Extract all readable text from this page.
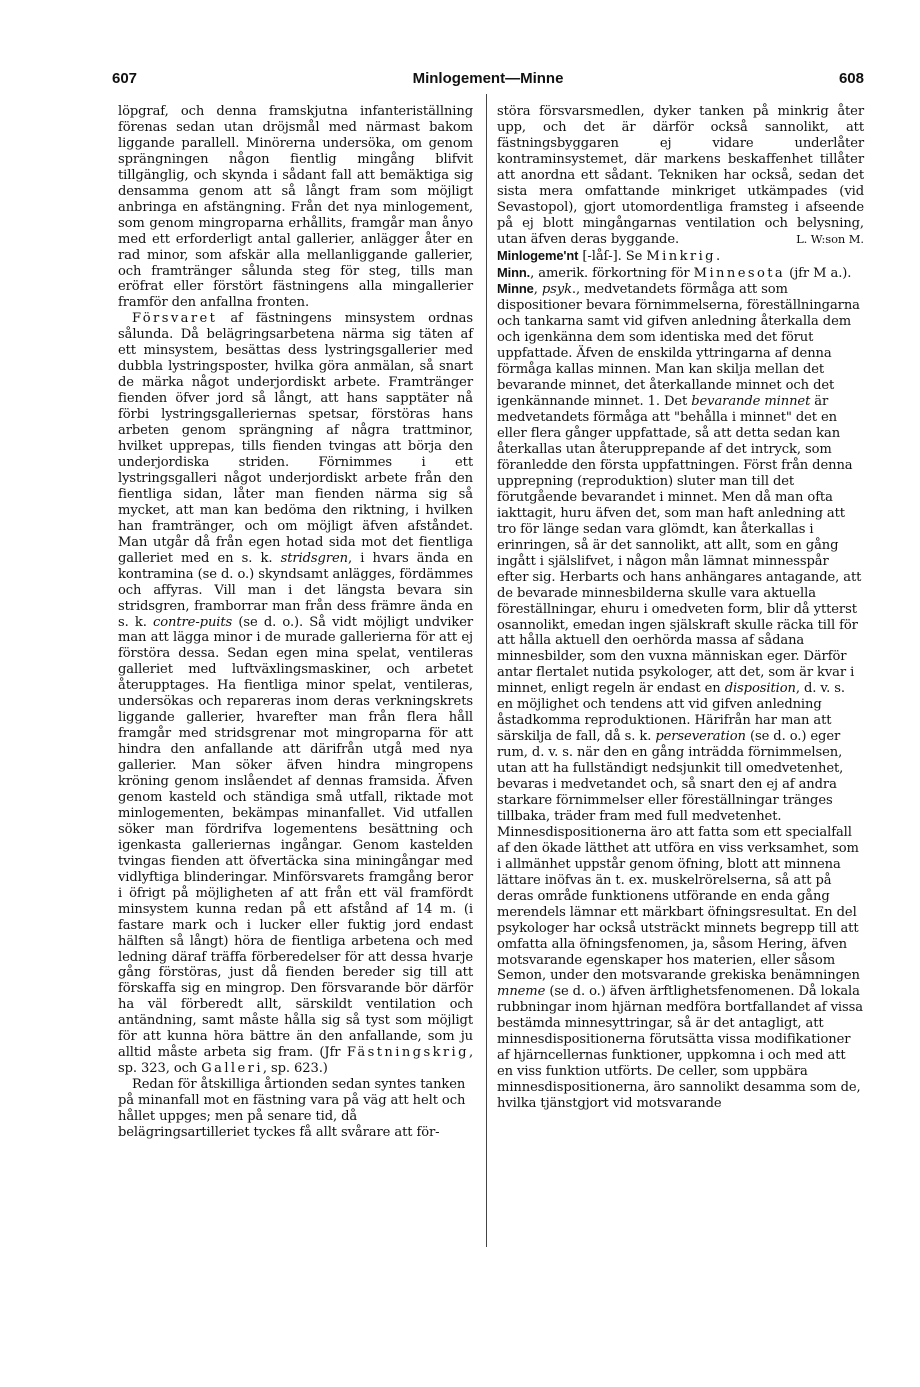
607	Minlogement—Minne	608

löpgraf, och denna framskjutna infanteriställning förenas sedan utan dröjsmål med närmast bakom liggande parallell. Minörerna undersöka, om genom sprängningen någon fientlig mingång blifvit tillgänglig, och skynda i sådant fall att bemäktiga sig densamma genom att så långt fram som möjligt anbringa en afstängning. Från det nya minlogement, som genom mingroparna erhållits, framgår man ånyo med ett erforderligt antal gallerier, anlägger åter en rad minor, som afskär alla mellanliggande gallerier, och framtränger sålunda steg för steg, tills man eröfrat eller förstört fästningens alla mingallerier framför den anfallna fronten.

Försvaret af fästningens minsystem ordnas sålunda. Då belägringsarbetena närma sig täten af ett minsystem, besättas dess lystringsgallerier med dubbla lystringsposter, hvilka göra anmälan, så snart de märka något underjordiskt arbete. Framtränger fienden öfver jord så långt, att hans sapptäter nå förbi lystringsgalleriernas spetsar, förstöras hans arbeten genom sprängning af några trattminor, hvilket upprepas, tills fienden tvingas att börja den underjordiska striden. Förnimmes i ett lystringsgalleri något underjordiskt arbete från den fientliga sidan, låter man fienden närma sig så mycket, att man kan bedöma den riktning, i hvilken han framtränger, och om möjligt äfven afståndet. Man utgår då från egen hotad sida mot det fientliga galleriet med en s. k. stridsgren, i hvars ända en kontramina (se d. o.) skyndsamt anlägges, fördämmes och affyras. Vill man i det längsta bevara sin stridsgren, framborrar man från dess främre ända en s. k. contre-puits (se d. o.). Så vidt möjligt undviker man att lägga minor i de murade gallerierna för att ej förstöra dessa. Sedan egen mina spelat, ventileras galleriet med luftväxlingsmaskiner, och arbetet återupptages. Ha fientliga minor spelat, ventileras, undersökas och repareras inom deras verkningskrets liggande gallerier, hvarefter man från flera håll framgår med stridsgrenar mot mingroparna för att hindra den anfallande att därifrån utgå med nya gallerier. Man söker äfven hindra mingropens kröning genom inslåendet af dennas framsida. Äfven genom kasteld och ständiga små utfall, riktade mot minlogementen, bekämpas minanfallet. Vid utfallen söker man fördrifva logementens besättning och igenkasta galleriernas ingångar. Genom kastelden tvingas fienden att öfvertäcka sina miningångar med vidlyftiga blinderingar. Minförsvarets framgång beror i öfrigt på möjligheten af att från ett väl framfördt minsystem kunna redan på ett afstånd af 14 m. (i fastare mark och i lucker eller fuktig jord endast hälften så långt) höra de fientliga arbetena och med ledning däraf träffa förberedelser för att dessa hvarje gång förstöras, just då fienden bereder sig till att förskaffa sig en mingrop. Den försvarande bör därför ha väl förberedt allt, särskildt ventilation och antändning, samt måste hålla sig så tyst som möjligt för att kunna höra bättre än den anfallande, som ju alltid måste arbeta sig fram. (Jfr Fästningskrig, sp. 323, och Galleri, sp. 623.)

Redan för åtskilliga årtionden sedan syntes tanken på minanfall mot en fästning vara på väg att helt och hållet uppges; men på senare tid, då belägringsartilleriet tyckes få allt svårare att för-

störa försvarsmedlen, dyker tanken på minkrig åter upp, och det är därför också sannolikt, att fästningsbyggaren ej vidare underlåter kontraminsystemet, där markens beskaffenhet tillåter att anordna ett sådant. Tekniken har också, sedan det sista mera omfattande minkriget utkämpades (vid Sevastopol), gjort utomordentliga framsteg i afseende på ej blott mingångarnas ventilation och belysning, utan äfven deras byggande.	L. W:son M.

Minlogeme'nt [-låſ-]. Se Minkrig.

Minn., amerik. förkortning för Minnesota (jfr M a.).

Minne, psyk., medvetandets förmåga att som dispositioner bevara förnimmelserna, föreställningarna och tankarna samt vid gifven anledning återkalla dem och igenkänna dem som identiska med det förut uppfattade. Äfven de enskilda yttringarna af denna förmåga kallas minnen. Man kan skilja mellan det bevarande minnet, det återkallande minnet och det igenkännande minnet. 1. Det bevarande minnet är medvetandets förmåga att "behålla i minnet" det en eller flera gånger uppfattade, så att detta sedan kan återkallas utan återupprepande af det intryck, som föranledde den första uppfattningen. Först från denna upprepning (reproduktion) sluter man till det förutgående bevarandet i minnet. Men då man ofta iakttagit, huru äfven det, som man haft anledning att tro för länge sedan vara glömdt, kan återkallas i erinringen, så är det sannolikt, att allt, som en gång ingått i själslifvet, i någon mån lämnat minnesspår efter sig. Herbarts och hans anhängares antagande, att de bevarade minnesbilderna skulle vara aktuella föreställningar, ehuru i omedveten form, blir då ytterst osannolikt, emedan ingen själskraft skulle räcka till för att hålla aktuell den oerhörda massa af sådana minnesbilder, som den vuxna människan eger. Därför antar flertalet nutida psykologer, att det, som är kvar i minnet, enligt regeln är endast en disposition, d. v. s. en möjlighet och tendens att vid gifven anledning åstadkomma reproduktionen. Härifrån har man att särskilja de fall, då s. k. perseveration (se d. o.) eger rum, d. v. s. när den en gång inträdda förnimmelsen, utan att ha fullständigt nedsjunkit till omedvetenhet, bevaras i medvetandet och, så snart den ej af andra starkare förnimmelser eller föreställningar tränges tillbaka, träder fram med full medvetenhet. Minnesdispositionerna äro att fatta som ett specialfall af den ökade lätthet att utföra en viss verksamhet, som i allmänhet uppstår genom öfning, blott att minnena lättare inöfvas än t. ex. muskelrörelserna, så att på deras område funktionens utförande en enda gång merendels lämnar ett märkbart öfningsresultat. En del psykologer har också utsträckt minnets begrepp till att omfatta alla öfningsfenomen, ja, såsom Hering, äfven motsvarande egenskaper hos materien, eller såsom Semon, under den motsvarande grekiska benämningen mneme (se d. o.) äfven ärftlighetsfenomenen. Då lokala rubbningar inom hjärnan medföra bortfallandet af vissa bestämda minnesyttringar, så är det antagligt, att minnesdispositionerna förutsätta vissa modifikationer af hjärncellernas funktioner, uppkomna i och med att en viss funktion utförts. De celler, som uppbära minnesdispositionerna, äro sannolikt desamma som de, hvilka tjänstgjort vid motsvarande
